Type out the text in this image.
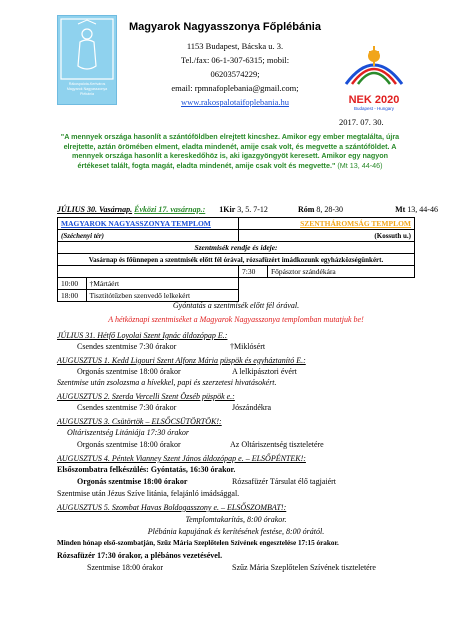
Rákospalota-Kertváros Magyarok Nagyasszonya Plébánia
Magyarok Nagyasszonya Főplébánia
1153 Budapest, Bácska u. 3.
Tel./fax: 06-1-307-6315; mobil:
06203574229;
email: rpmnafoplebania@gmail.com;
www.rakospalotaifoplebania.hu	NEK 2020
Budapest - Hungary
2017. 07. 30.
"A mennyek országa hasonlít a szántóföldben elrejtett kincshez. Amikor egy ember megtalálta, újra elrejtette, aztán örömében elment, eladta mindenét, amije csak volt, és megvette a szántóföldet. A mennyek országa hasonlít a kereskedőhöz is, aki igazgyöngyöt keresett. Amikor egy nagyon értékeset talált, fogta magát, eladta mindenét, amije csak volt és megvette." (Mt 13, 44-46)
JÚLIUS 30. Vasárnap. Évközi 17. vasárnap.: 1Kir 3, 5. 7-12	Róm 8, 28-30	Mt 13, 44-46
MAGYAROK NAGYASSZONYA TEMPLOM		SZENTHÁROMSÁG TEMPLOM	
(Széchenyi tér)		(Kossuth u.)	
Szentmisék rendje és ideje:			
Vasárnap és főünnepen a szentmisék előtt fél órával, rózsafüzért imádkozunk egyházközségünkért.			
		7:30	Főpásztor szándékára
10:00	†Mártáért		
18:00	Tisztítótűzben szenvedő lelkekért		
Gyóntatás a szentmisék előtt fél órával.
A hétköznapi szentmiséket a Magyarok Nagyasszonya templomban mutatjuk be!
JÚLIUS 31. Hétfő Loyolai Szent Ignác áldozópap E.:
Csendes szentmise 7:30 órakor	†Miklósért
AUGUSZTUS 1. Kedd Ligouri Szent Alfonz Mária püspök és egyháztanító E.:
Orgonás szentmise 18:00 órakor	A lelkipásztori évért
Szentmise után zsolozsma a hívekkel, papi és szerzetesi hivatásokért.
AUGUSZTUS 2. Szerda Vercelli Szent Özséb püspök e.:
Csendes szentmise 7:30 órakor	Jószándékra
AUGUSZTUS 3. Csütörtök – ELSŐCSÜTÖRTÖK!:
Oltáriszentség Litániája 17:30 órakor
Orgonás szentmise 18:00 órakor	Az Oltáriszentség tiszteletére
AUGUSZTUS 4. Péntek Vianney Szent János áldozópap e. – ELSŐPÉNTEK!:
Elsőszombatra felkészülés: Gyóntatás, 16:30 órakor.
Orgonás szentmise 18:00 órakor	Rózsafüzér Társulat élő tagjaiért
Szentmise után Jézus Szíve litánia, felajánló imádsággal.
AUGUSZTUS 5. Szombat Havas Boldogasszony e. – ELSŐSZOMBAT!:
Templomtakarítás, 8:00 órakor.
Plébánia kapujának és kerítésének festése, 8:00 órától.
Minden hónap első-szombatján, Szűz Mária Szeplőtelen Szívének engesztelése 17:15 órakor.
Rózsafüzér 17:30 órakor, a plébános vezetésével.
Szentmise 18:00 órakor	Szűz Mária Szeplőtelen Szívének tiszteletére
